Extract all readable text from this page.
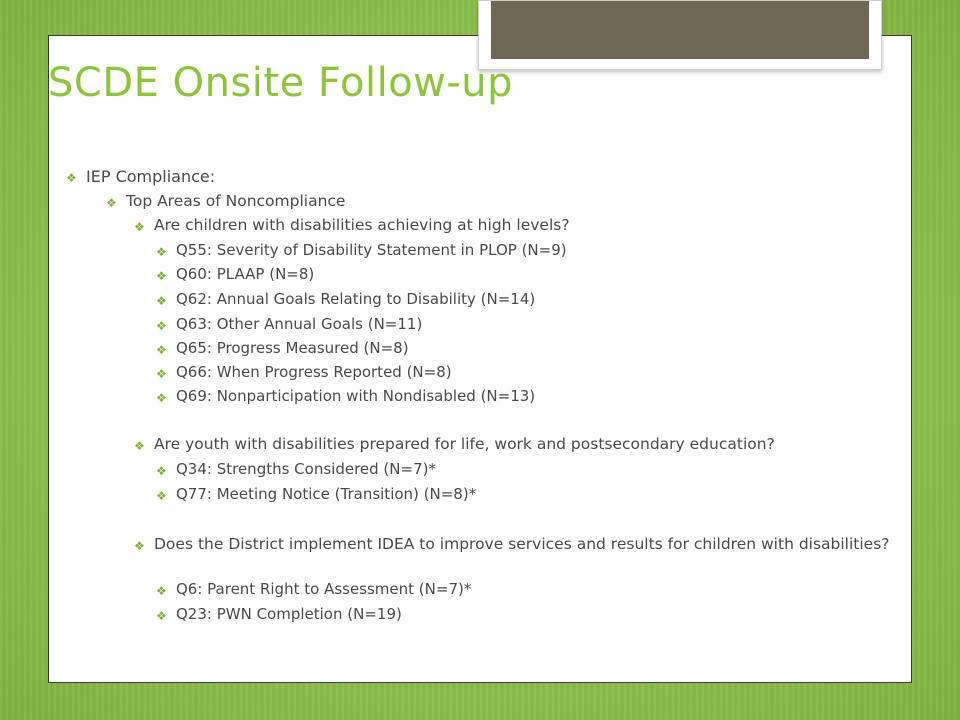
SCDE Onsite Follow-up
❖ IEP Compliance:
❖ Top Areas of Noncompliance
❖ Are children with disabilities achieving at high levels?
❖ Q55: Severity of Disability Statement in PLOP (N=9)
❖ Q60: PLAAP (N=8)
❖ Q62: Annual Goals Relating to Disability (N=14)
❖ Q63: Other Annual Goals (N=11)
❖ Q65: Progress Measured (N=8)
❖ Q66: When Progress Reported (N=8)
❖ Q69: Nonparticipation with Nondisabled (N=13)
❖ Are youth with disabilities prepared for life, work and postsecondary education?
❖ Q34: Strengths Considered (N=7)*
❖ Q77: Meeting Notice (Transition) (N=8)*
❖ Does the District implement IDEA to improve services and results for children with disabilities?
❖ Q6: Parent Right to Assessment (N=7)*
❖ Q23: PWN Completion (N=19)
